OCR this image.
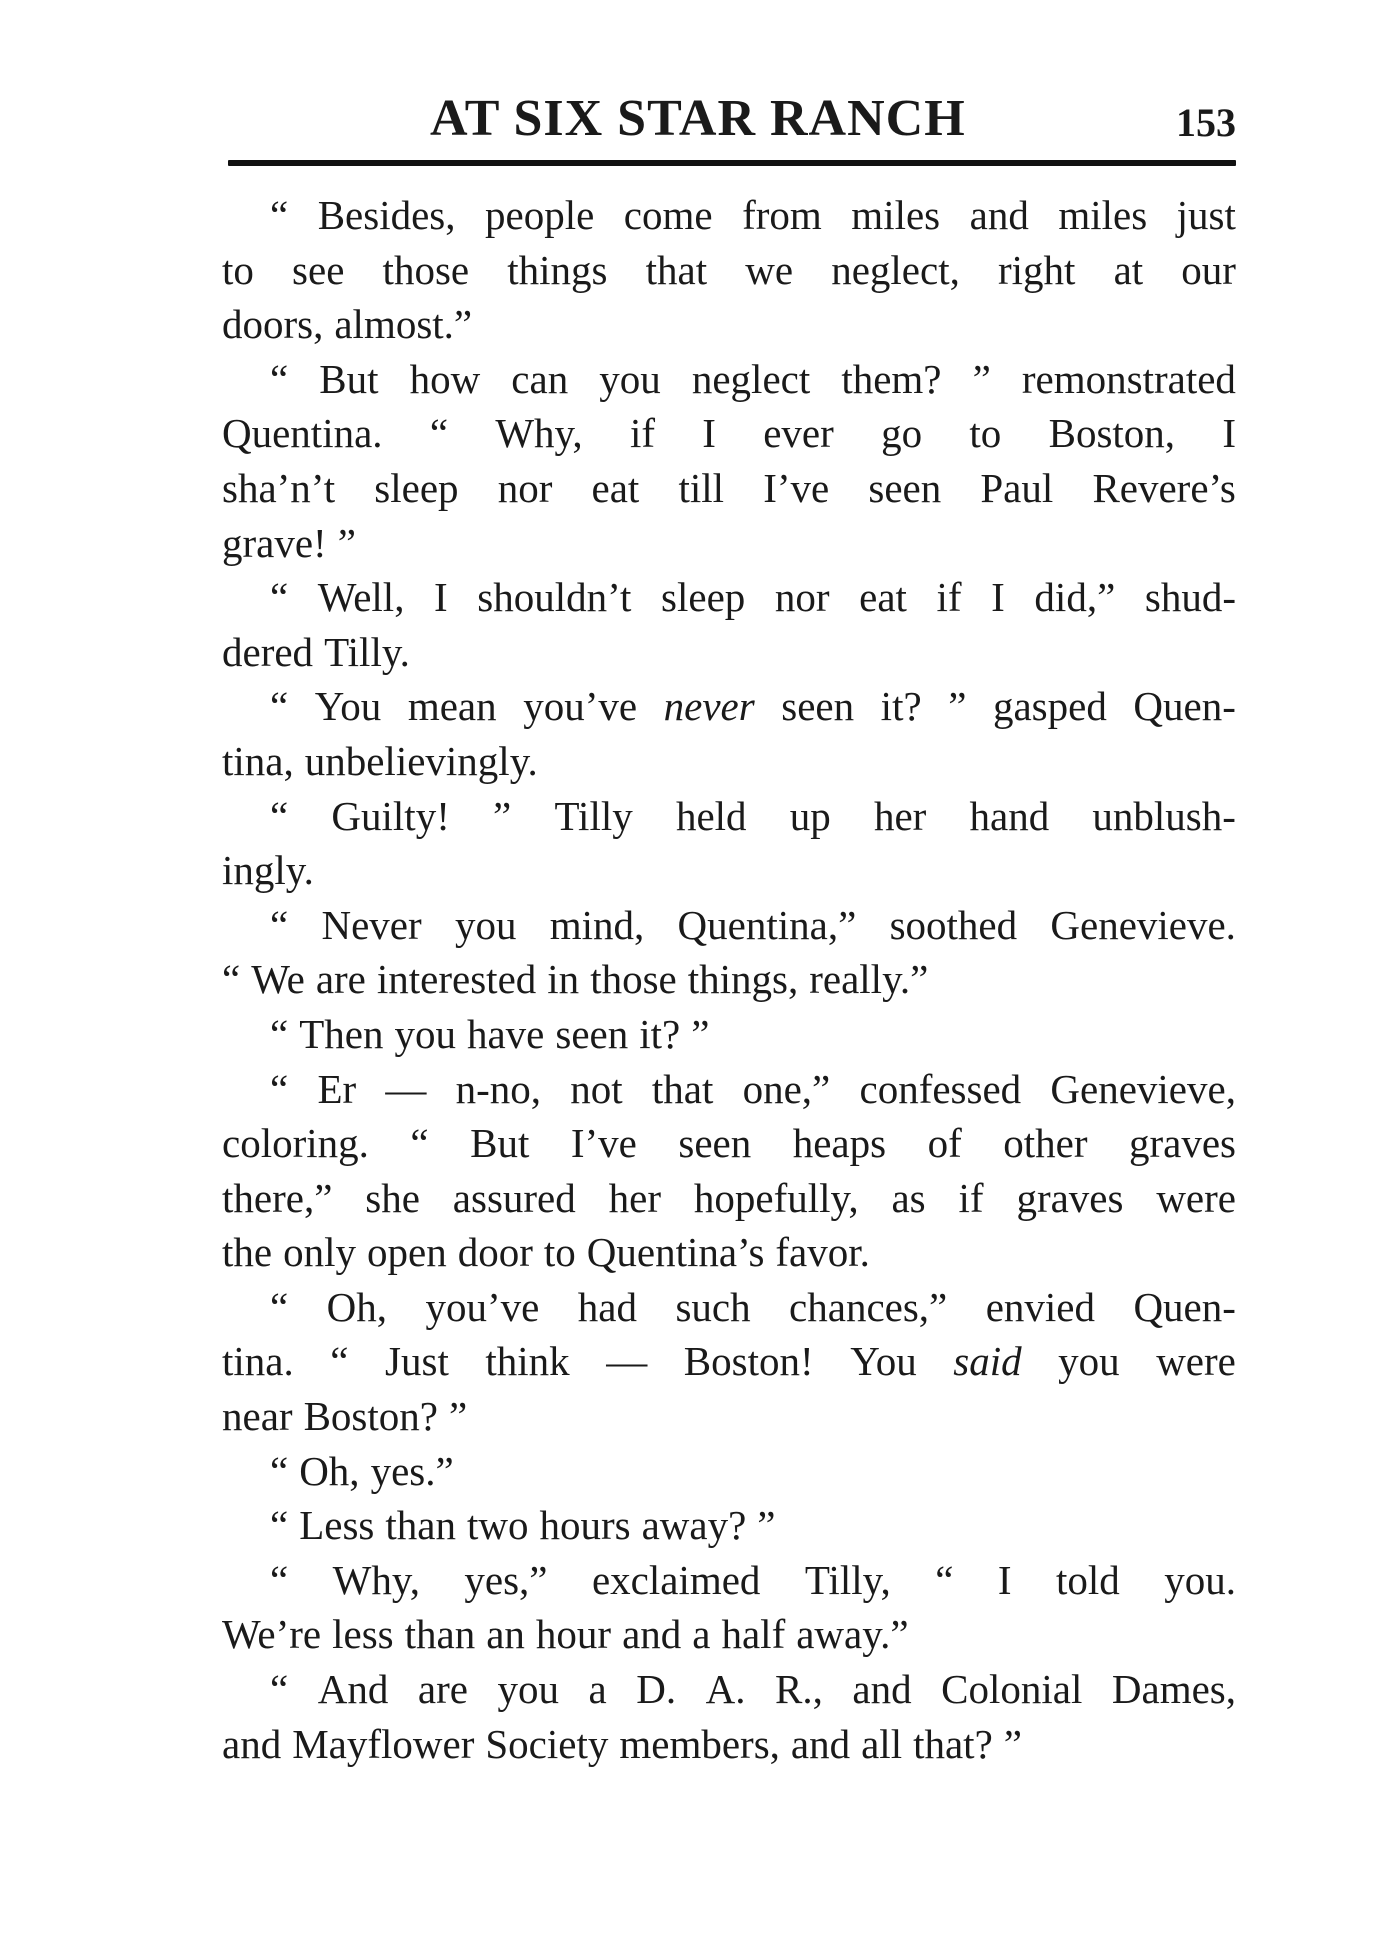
AT SIX STAR RANCH	153
“ Besides, people come from miles and miles just
to see those things that we neglect, right at our
doors, almost.”
“ But how can you neglect them? ” remonstrated
Quentina. “ Why, if I ever go to Boston, I
sha’n’t sleep nor eat till I’ve seen Paul Revere’s
grave! ”
“ Well, I shouldn’t sleep nor eat if I did,” shud-
dered Tilly.
“ You mean you’ve never seen it? ” gasped Quen-
tina, unbelievingly.
“ Guilty! ” Tilly held up her hand unblush-
ingly.
“ Never you mind, Quentina,” soothed Genevieve.
“ We are interested in those things, really.”
“ Then you have seen it? ”
“ Er — n-no, not that one,” confessed Genevieve,
coloring. “ But I’ve seen heaps of other graves
there,” she assured her hopefully, as if graves were
the only open door to Quentina’s favor.
“ Oh, you’ve had such chances,” envied Quen-
tina. “ Just think — Boston! You said you were
near Boston? ”
“ Oh, yes.”
“ Less than two hours away? ”
“ Why, yes,” exclaimed Tilly, “ I told you.
We’re less than an hour and a half away.”
“ And are you a D. A. R., and Colonial Dames,
and Mayflower Society members, and all that? ”
